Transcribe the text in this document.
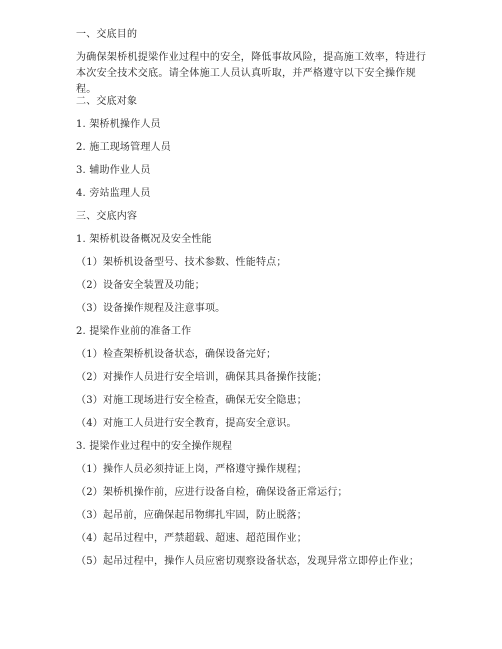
一、交底目的
为确保架桥机提梁作业过程中的安全，降低事故风险，提高施工效率，特进行本次安全技术交底。请全体施工人员认真听取，并严格遵守以下安全操作规程。
二、交底对象
1. 架桥机操作人员
2. 施工现场管理人员
3. 辅助作业人员
4. 旁站监理人员
三、交底内容
1. 架桥机设备概况及安全性能
（1）架桥机设备型号、技术参数、性能特点；
（2）设备安全装置及功能；
（3）设备操作规程及注意事项。
2. 提梁作业前的准备工作
（1）检查架桥机设备状态，确保设备完好；
（2）对操作人员进行安全培训，确保其具备操作技能；
（3）对施工现场进行安全检查，确保无安全隐患；
（4）对施工人员进行安全教育，提高安全意识。
3. 提梁作业过程中的安全操作规程
（1）操作人员必须持证上岗，严格遵守操作规程；
（2）架桥机操作前，应进行设备自检，确保设备正常运行；
（3）起吊前，应确保起吊物绑扎牢固，防止脱落；
（4）起吊过程中，严禁超载、超速、超范围作业；
（5）起吊过程中，操作人员应密切观察设备状态，发现异常立即停止作业；
